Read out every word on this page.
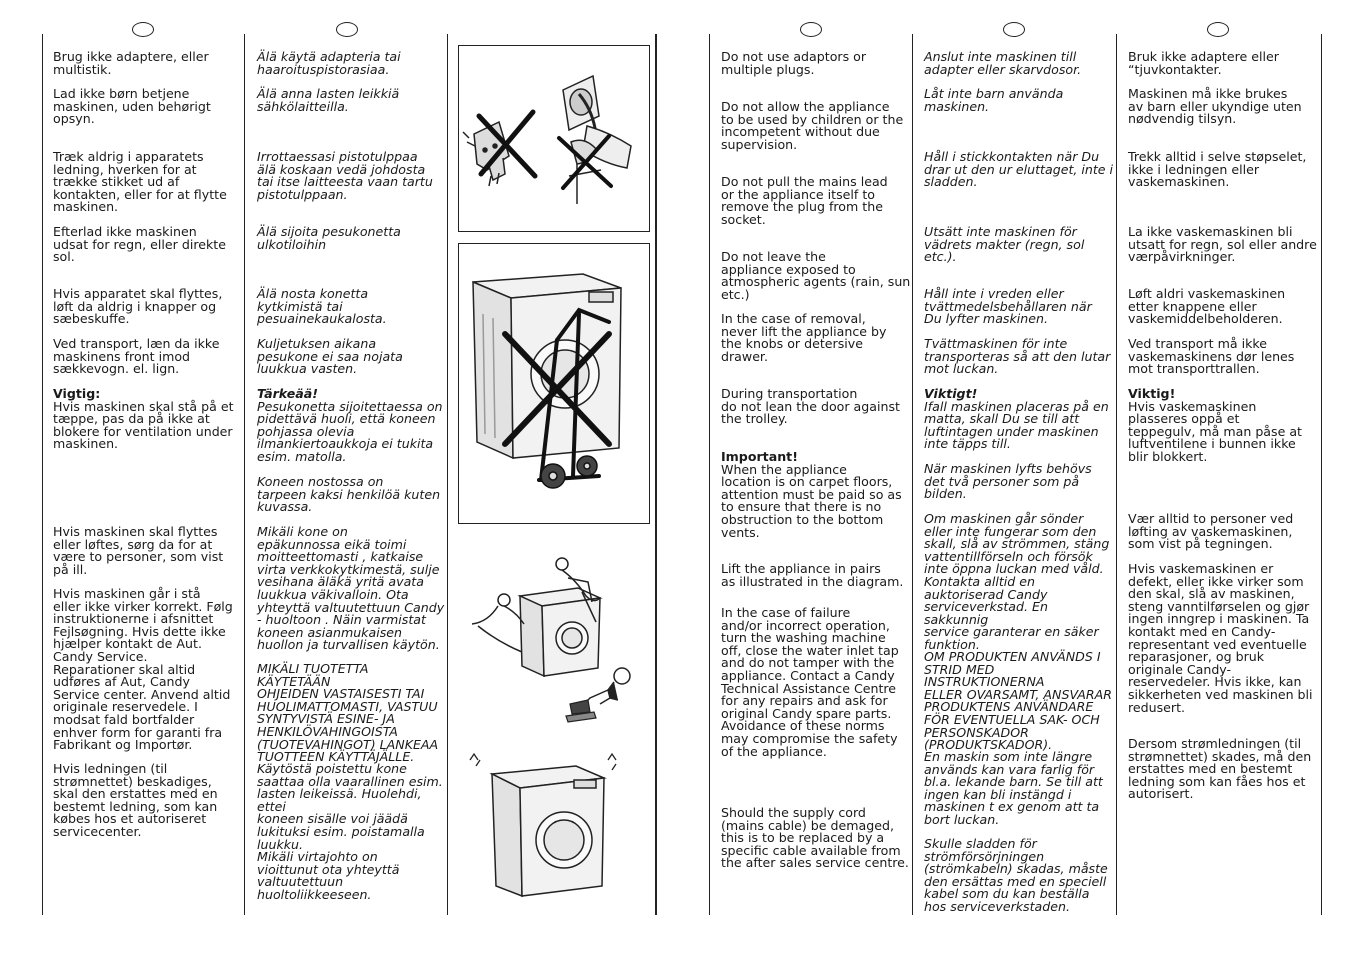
Brug ikke adaptere, eller
multistik.
Lad ikke børn betjene
maskinen, uden behørigt
opsyn.
Træk aldrig i apparatets
ledning, hverken for at
trække stikket ud af
kontakten, eller for at flytte
maskinen.
Efterlad ikke maskinen
udsat for regn, eller direkte
sol.
Hvis apparatet skal flyttes,
løft da aldrig i knapper og
sæbeskuffe.
Ved transport, læn da ikke
maskinens front imod
sækkevogn. el. lign.
Vigtig:
Hvis maskinen skal stå på et
tæppe, pas da på ikke at
blokere for ventilation under
maskinen.
Hvis maskinen skal flyttes
eller løftes, sørg da for at
være to personer, som vist
på ill.
Hvis maskinen går i stå
eller ikke virker korrekt. Følg
instruktionerne i afsnittet
Fejlsøgning. Hvis dette ikke
hjælper kontakt de Aut.
Candy Service.
Reparationer skal altid
udføres af Aut, Candy
Service center. Anvend altid
originale reservedele. I
modsat fald bortfalder
enhver form for garanti fra
Fabrikant og Importør.
Hvis ledningen (til
strømnettet) beskadiges,
skal den erstattes med en
bestemt ledning, som kan
købes hos et autoriseret
servicecenter.
Älä käytä adapteria tai
haaroituspistorasiaa.
Älä anna lasten leikkiä
sähkölaitteilla.
Irrottaessasi pistotulppaa
älä koskaan vedä johdosta
tai itse laitteesta vaan tartu
pistotulppaan.
Älä sijoita pesukonetta
ulkotiloihin
Älä nosta konetta
kytkimistä tai
pesuainekaukalosta.
Kuljetuksen aikana
pesukone ei saa nojata
luukkua vasten.
Tärkeää!
Pesukonetta sijoitettaessa on
pidettävä huoli, että koneen
pohjassa olevia
ilmankiertoaukkoja ei tukita
esim. matolla.
Koneen nostossa on
tarpeen kaksi henkilöä kuten
kuvassa.
Mikäli kone on
epäkunnossa eikä toimi
moitteettomasti , katkaise
virta verkkokytkimestä, sulje
vesihana äläkä yritä avata
luukkua väkivalloin. Ota
yhteyttä valtuutettuun Candy
- huoltoon . Näin varmistat
koneen asianmukaisen
huollon ja turvallisen käytön.
MIKÄLI TUOTETTA KÄYTETÄÄN
OHJEIDEN VASTAISESTI TAI
HUOLIMATTOMASTI, VASTUU
SYNTYVISTÄ ESINE- JA
HENKILÖVAHINGOISTA
(TUOTEVAHINGOT) LANKEAA
TUOTTEEN KÄYTTÄJÄLLE.
Käytöstä poistettu kone
saattaa olla vaarallinen esim.
lasten leikeissä. Huolehdi, ettei
koneen sisälle voi jäädä
lukituksi esim. poistamalla
luukku.
Mikäli virtajohto on
vioittunut ota yhteyttä
valtuutettuun huoltoliikkeeseen.
Do not use adaptors or
multiple plugs.
Do not allow the appliance
to be used by children or the
incompetent without due
supervision.
Do not pull the mains lead
or the appliance itself to
remove the plug from the
socket.
Do not leave the
appliance exposed to
atmospheric agents (rain, sun
etc.)
In the case of removal,
never lift the appliance by
the knobs or detersive
drawer.
During transportation
do not lean the door against
the trolley.
Important!
When the appliance
location is on carpet floors,
attention must be paid so as
to ensure that there is no
obstruction to the bottom
vents.
Lift the appliance in pairs
as illustrated in the diagram.
In the case of failure
and/or incorrect operation,
turn the washing machine
off, close the water inlet tap
and do not tamper with the
appliance. Contact a Candy
Technical Assistance Centre
for any repairs and ask for
original Candy spare parts.
Avoidance of these norms
may compromise the safety
of the appliance.
Should the supply cord
(mains cable) be demaged,
this is to be replaced by a
specific cable available from
the after sales service centre.
Anslut inte maskinen till
adapter eller skarvdosor.
Låt inte barn använda
maskinen.
Håll i stickkontakten när Du
drar ut den ur eluttaget, inte i
sladden.
Utsätt inte maskinen för
vädrets makter (regn, sol
etc.).
Håll inte i vreden eller
tvättmedelsbehållaren när
Du lyfter maskinen.
Tvättmaskinen för inte
transporteras så att den lutar
mot luckan.
Viktigt!
Ifall maskinen placeras på en
matta, skall Du se till att
luftintagen under maskinen
inte täpps till.
När maskinen lyfts behövs
det två personer som på
bilden.
Om maskinen går sönder
eller inte fungerar som den
skall, slå av strömmen, stäng
vattentillförseln och försök
inte öppna luckan med våld.
Kontakta alltid en
auktoriserad Candy
serviceverkstad. En sakkunnig
service garanterar en säker
funktion.
OM PRODUKTEN ANVÄNDS I
STRID MED INSTRUKTIONERNA
ELLER OVARSAMT, ANSVARAR
PRODUKTENS ANVÄNDARE
FÖR EVENTUELLA SAK- OCH
PERSONSKADOR
(PRODUKTSKADOR).
En maskin som inte längre
används kan vara farlig för
bl.a. lekande barn. Se till att
ingen kan bli instängd i
maskinen t ex genom att ta
bort luckan.
Skulle sladden för
strömförsörjningen
(strömkabeln) skadas, måste
den ersättas med en speciell
kabel som du kan beställa
hos serviceverkstaden.
Bruk ikke adaptere eller
“tjuvkontakter.
Maskinen må ikke brukes
av barn eller ukyndige uten
nødvendig tilsyn.
Trekk alltid i selve støpselet,
ikke i ledningen eller
vaskemaskinen.
La ikke vaskemaskinen bli
utsatt for regn, sol eller andre
værpåvirkninger.
Løft aldri vaskemaskinen
etter knappene eller
vaskemiddelbeholderen.
Ved transport må ikke
vaskemaskinens dør lenes
mot transporttrallen.
Viktig!
Hvis vaskemaskinen
plasseres oppå et
teppegulv, må man påse at
luftventilene i bunnen ikke
blir blokkert.
Vær alltid to personer ved
løfting av vaskemaskinen,
som vist på tegningen.
Hvis vaskemaskinen er
defekt, eller ikke virker som
den skal, slå av maskinen,
steng vanntilførselen og gjør
ingen inngrep i maskinen. Ta
kontakt med en Candy-
representant ved eventuelle
reparasjoner, og bruk
originale Candy-
reservedeler. Hvis ikke, kan
sikkerheten ved maskinen bli
redusert.
Dersom strømledningen (til
strømnettet) skades, må den
erstattes med en bestemt
ledning som kan fåes hos et
autorisert.
